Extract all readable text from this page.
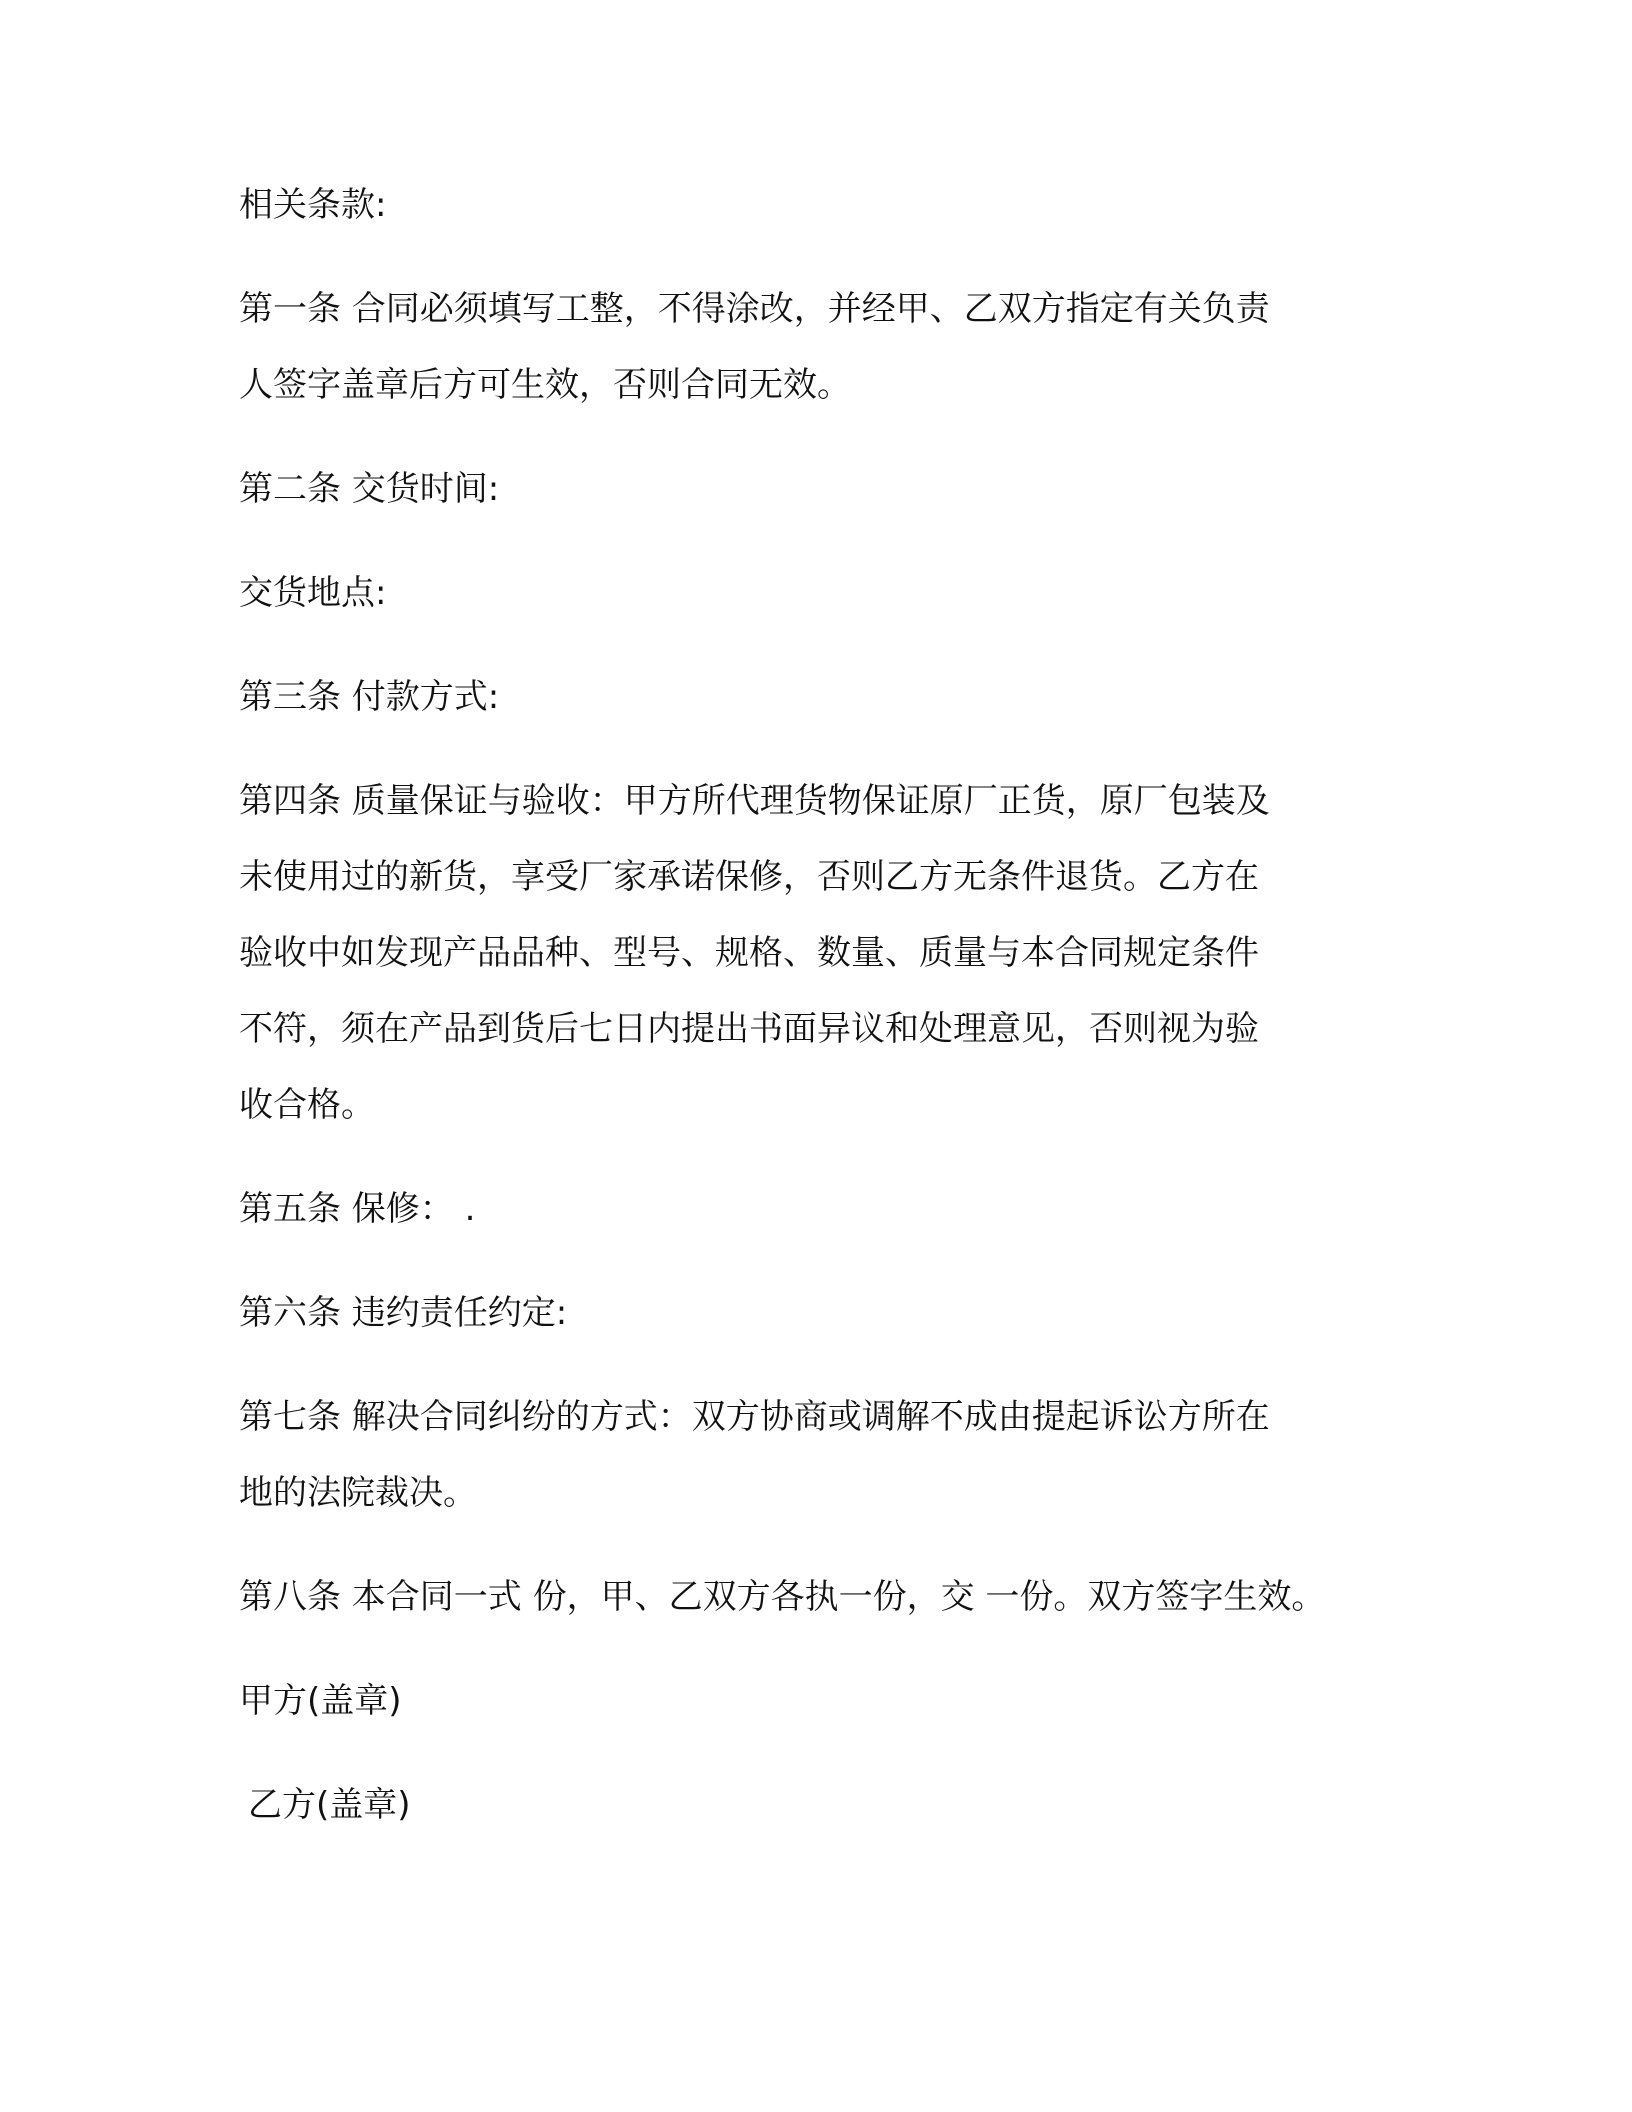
相关条款:
第一条 合同必须填写工整，不得涂改，并经甲、乙双方指定有关负责
人签字盖章后方可生效，否则合同无效。
第二条 交货时间:
交货地点:
第三条 付款方式:
第四条 质量保证与验收：甲方所代理货物保证原厂正货，原厂包装及
未使用过的新货，享受厂家承诺保修，否则乙方无条件退货。乙方在
验收中如发现产品品种、型号、规格、数量、质量与本合同规定条件
不符，须在产品到货后七日内提出书面异议和处理意见，否则视为验
收合格。
第五条 保修： .
第六条 违约责任约定:
第七条 解决合同纠纷的方式：双方协商或调解不成由提起诉讼方所在
地的法院裁决。
第八条 本合同一式 份，甲、乙双方各执一份，交 一份。双方签字生效。
甲方(盖章)
乙方(盖章)
